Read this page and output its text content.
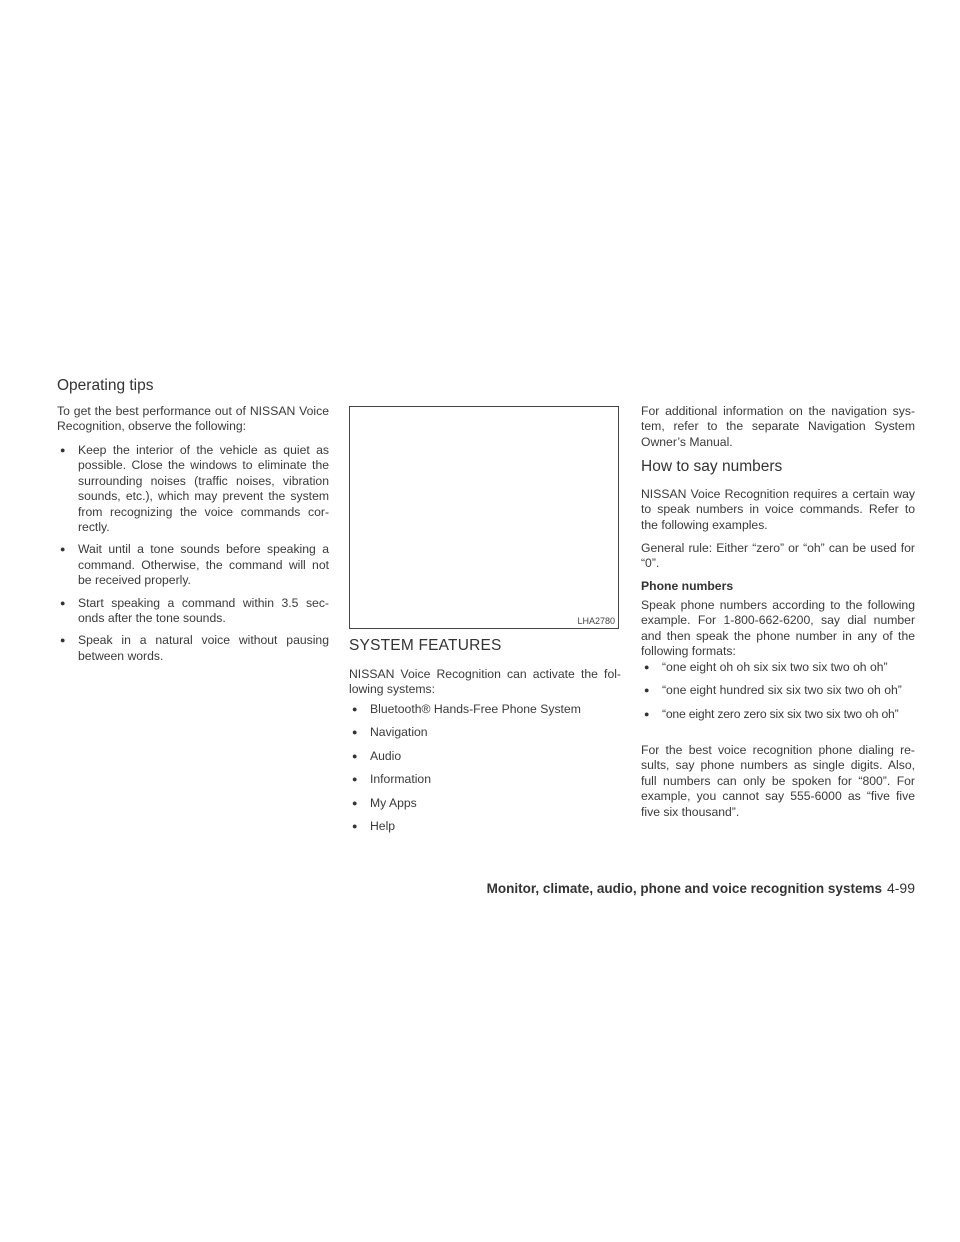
Operating tips

To get the best performance out of NISSAN Voice Recognition, observe the following:

● Keep the interior of the vehicle as quiet as possible. Close the windows to eliminate the surrounding noises (traffic noises, vibration sounds, etc.), which may prevent the system from recognizing the voice commands cor-rectly.
● Wait until a tone sounds before speaking a command. Otherwise, the command will not be received properly.
● Start speaking a command within 3.5 sec-onds after the tone sounds.
● Speak in a natural voice without pausing between words.
LHA2780
SYSTEM FEATURES

NISSAN Voice Recognition can activate the fol-lowing systems:

● Bluetooth® Hands-Free Phone System
● Navigation
● Audio
● Information
● My Apps
● Help

For additional information on the navigation sys-tem, refer to the separate Navigation System Owner’s Manual.

How to say numbers

NISSAN Voice Recognition requires a certain way to speak numbers in voice commands. Refer to the following examples.

General rule: Either “zero” or “oh” can be used for “0”.

Phone numbers

Speak phone numbers according to the following example. For 1-800-662-6200, say dial number and then speak the phone number in any of the following formats:

● “one eight oh oh six six two six two oh oh”
● “one eight hundred six six two six two oh oh”
● “one eight zero zero six six two six two oh oh”

For the best voice recognition phone dialing re-sults, say phone numbers as single digits. Also, full numbers can only be spoken for “800”. For example, you cannot say 555-6000 as “five five five six thousand”.

Monitor, climate, audio, phone and voice recognition systems 4-99
